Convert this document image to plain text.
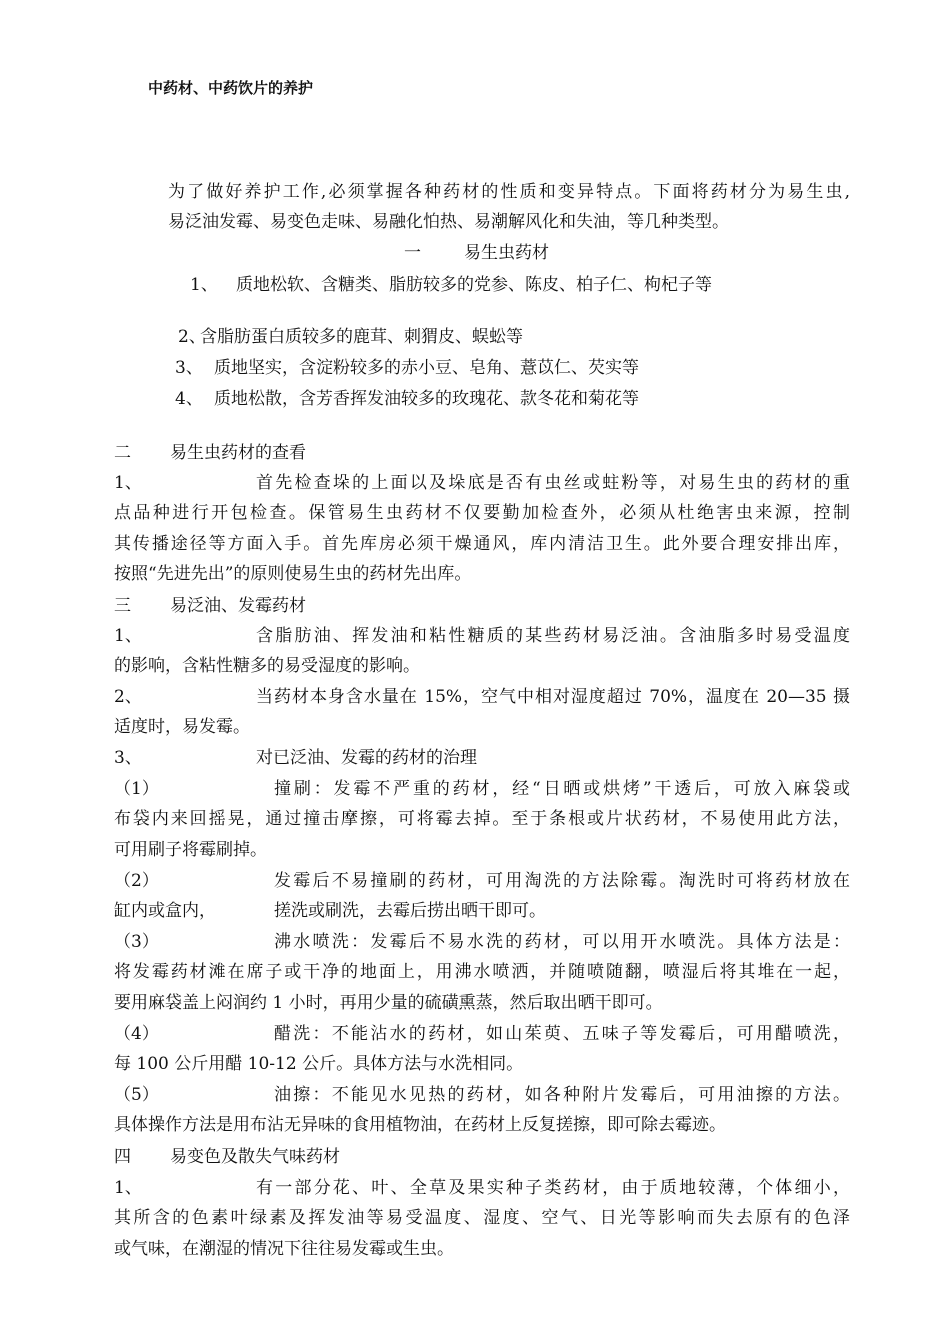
中药材、中药饮片的养护
为了做好养护工作,必须掌握各种药材的性质和变异特点。下面将药材分为易生虫,
易泛油发霉、易变色走味、易融化怕热、易潮解风化和失油，等几种类型。
一	易生虫药材
1、 质地松软、含糖类、脂肪较多的党参、陈皮、柏子仁、枸杞子等
2、
含脂肪蛋白质较多的鹿茸、刺猬皮、蜈蚣等
3、 质地坚实，含淀粉较多的赤小豆、皂角、薏苡仁、芡实等
4、 质地松散，含芳香挥发油较多的玫瑰花、款冬花和菊花等
二 易生虫药材的查看
1、	首先检查垛的上面以及垛底是否有虫丝或蛀粉等，对易生虫的药材的重
点品种进行开包检查。保管易生虫药材不仅要勤加检查外，必须从杜绝害虫来源，控制
其传播途径等方面入手。首先库房必须干燥通风，库内清洁卫生。此外要合理安排出库，
按照“先进先出”的原则使易生虫的药材先出库。
三 易泛油、发霉药材
1、	含脂肪油、挥发油和粘性糖质的某些药材易泛油。含油脂多时易受温度
的影响，含粘性糖多的易受湿度的影响。
2、	当药材本身含水量在 15%，空气中相对湿度超过 70%，温度在 20—35 摄
适度时，易发霉。
3、	对已泛油、发霉的药材的治理
（1）	撞刷：发霉不严重的药材，经“日晒或烘烤”干透后，可放入麻袋或
布袋内来回摇晃，通过撞击摩擦，可将霉去掉。至于条根或片状药材，不易使用此方法，
可用刷子将霉刷掉。
（2）	发霉后不易撞刷的药材，可用淘洗的方法除霉。淘洗时可将药材放在
缸内或盒内，	搓洗或刷洗，去霉后捞出晒干即可。
（3）	沸水喷洗：发霉后不易水洗的药材，可以用开水喷洗。具体方法是：
将发霉药材滩在席子或干净的地面上，用沸水喷洒，并随喷随翻，喷湿后将其堆在一起，
要用麻袋盖上闷润约 1 小时，再用少量的硫磺熏蒸，然后取出晒干即可。
（4）	醋洗：不能沾水的药材，如山茱萸、五味子等发霉后，可用醋喷洗，
每 100 公斤用醋 10-12 公斤。具体方法与水洗相同。
（5）	油擦：不能见水见热的药材，如各种附片发霉后，可用油擦的方法。
具体操作方法是用布沾无异味的食用植物油，在药材上反复搓擦，即可除去霉迹。
四 易变色及散失气味药材
1、	有一部分花、叶、全草及果实种子类药材，由于质地较薄，个体细小，
其所含的色素叶绿素及挥发油等易受温度、湿度、空气、日光等影响而失去原有的色泽
或气味，在潮湿的情况下往往易发霉或生虫。
